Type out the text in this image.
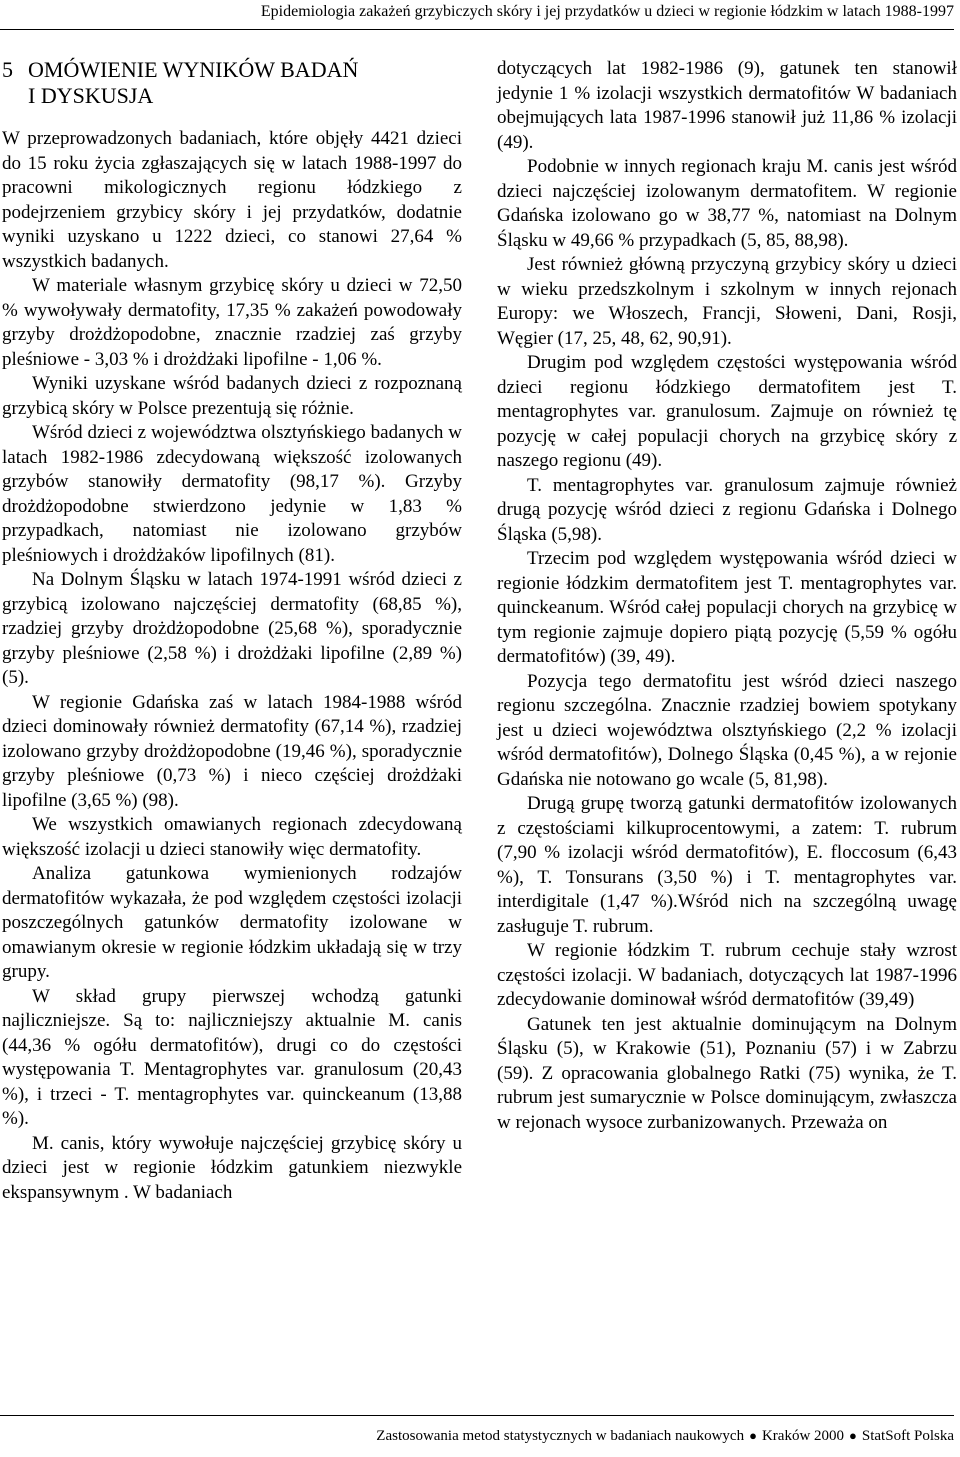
Epidemiologia zakażeń grzybiczych skóry i jej przydatków u dzieci w regionie łódzkim w latach 1988-1997
5 OMÓWIENIE WYNIKÓW BADAŃ
I DYSKUSJA

W przeprowadzonych badaniach, które objęły 4421 dzieci do 15 roku życia zgłaszających się w latach 1988-1997 do pracowni mikologicznych regionu łódzkiego z podejrzeniem grzybicy skóry i jej przydatków, dodatnie wyniki uzyskano u 1222 dzieci, co stanowi 27,64 % wszystkich badanych.

W materiale własnym grzybicę skóry u dzieci w 72,50 % wywoływały dermatofity, 17,35 % zakażeń powodowały grzyby drożdżopodobne, znacznie rzadziej zaś grzyby pleśniowe - 3,03 % i drożdżaki lipofilne - 1,06 %.

Wyniki uzyskane wśród badanych dzieci z rozpoznaną grzybicą skóry w Polsce prezentują się różnie.

Wśród dzieci z województwa olsztyńskiego badanych w latach 1982-1986 zdecydowaną większość izolowanych grzybów stanowiły dermatofity (98,17 %). Grzyby drożdżopodobne stwierdzono jedynie w 1,83 % przypadkach, natomiast nie izolowano grzybów pleśniowych i drożdżaków lipofilnych (81).

Na Dolnym Śląsku w latach 1974-1991 wśród dzieci z grzybicą izolowano najczęściej dermatofity (68,85 %), rzadziej grzyby drożdżopodobne (25,68 %), sporadycznie grzyby pleśniowe (2,58 %) i drożdżaki lipofilne (2,89 %) (5).

W regionie Gdańska zaś w latach 1984-1988 wśród dzieci dominowały również dermatofity (67,14 %), rzadziej izolowano grzyby drożdżopodobne (19,46 %), sporadycznie grzyby pleśniowe (0,73 %) i nieco częściej drożdżaki lipofilne (3,65 %) (98).

We wszystkich omawianych regionach zdecydowaną większość izolacji u dzieci stanowiły więc dermatofity.

Analiza gatunkowa wymienionych rodzajów dermatofitów wykazała, że pod względem częstości izolacji poszczególnych gatunków dermatofity izolowane w omawianym okresie w regionie łódzkim układają się w trzy grupy.

W skład grupy pierwszej wchodzą gatunki najliczniejsze. Są to: najliczniejszy aktualnie M. canis (44,36 % ogółu dermatofitów), drugi co do częstości występowania T. Mentagrophytes var. granulosum (20,43 %), i trzeci - T. mentagrophytes var. quinckeanum (13,88 %).

M. canis, który wywołuje najczęściej grzybicę skóry u dzieci jest w regionie łódzkim gatunkiem niezwykle ekspansywnym . W badaniach

dotyczących lat 1982-1986 (9), gatunek ten stanowił jedynie 1 % izolacji wszystkich dermatofitów W badaniach obejmujących lata 1987-1996 stanowił już 11,86 % izolacji (49).

Podobnie w innych regionach kraju M. canis jest wśród dzieci najczęściej izolowanym dermatofitem. W regionie Gdańska izolowano go w 38,77 %, natomiast na Dolnym Śląsku w 49,66 % przypadkach (5, 85, 88,98).

Jest również główną przyczyną grzybicy skóry u dzieci w wieku przedszkolnym i szkolnym w innych rejonach Europy: we Włoszech, Francji, Słoweni, Dani, Rosji, Węgier (17, 25, 48, 62, 90,91).

Drugim pod względem częstości występowania wśród dzieci regionu łódzkiego dermatofitem jest T. mentagrophytes var. granulosum. Zajmuje on również tę pozycję w całej populacji chorych na grzybicę skóry z naszego regionu (49).

T. mentagrophytes var. granulosum zajmuje również drugą pozycję wśród dzieci z regionu Gdańska i Dolnego Śląska (5,98).

Trzecim pod względem występowania wśród dzieci w regionie łódzkim dermatofitem jest T. mentagrophytes var. quinckeanum. Wśród całej populacji chorych na grzybicę w tym regionie zajmuje dopiero piątą pozycję (5,59 % ogółu dermatofitów) (39, 49).

Pozycja tego dermatofitu jest wśród dzieci naszego regionu szczególna. Znacznie rzadziej bowiem spotykany jest u dzieci województwa olsztyńskiego (2,2 % izolacji wśród dermatofitów), Dolnego Śląska (0,45 %), a w rejonie Gdańska nie notowano go wcale (5, 81,98).

Drugą grupę tworzą gatunki dermatofitów izolowanych z częstościami kilkuprocentowymi, a zatem: T. rubrum (7,90 % izolacji wśród dermatofitów), E. floccosum (6,43 %), T. Tonsurans (3,50 %) i T. mentagrophytes var. interdigitale (1,47 %).Wśród nich na szczególną uwagę zasługuje T. rubrum.

W regionie łódzkim T. rubrum cechuje stały wzrost częstości izolacji. W badaniach, dotyczących lat 1987-1996 zdecydowanie dominował wśród dermatofitów (39,49)

Gatunek ten jest aktualnie dominującym na Dolnym Śląsku (5), w Krakowie (51), Poznaniu (57) i w Zabrzu (59). Z opracowania globalnego Ratki (75) wynika, że T. rubrum jest sumarycznie w Polsce dominującym, zwłaszcza w rejonach wysoce zurbanizowanych. Przeważa on

Zastosowania metod statystycznych w badaniach naukowych ● Kraków 2000 ● StatSoft Polska
